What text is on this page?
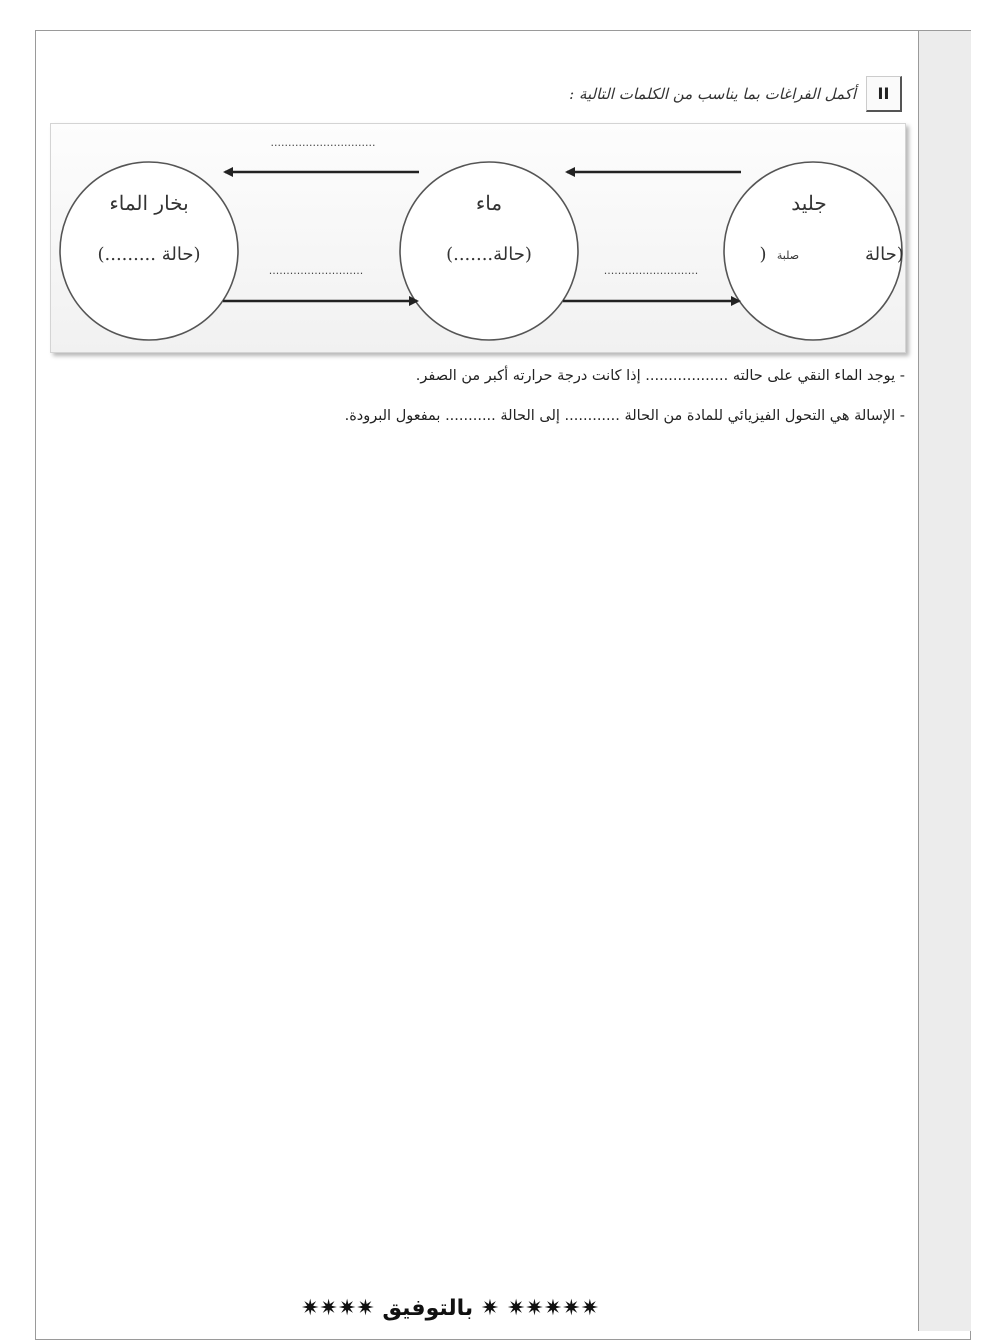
II
أكمل الفراغات بما يناسب من الكلمات التالية :
..............................
...........................	...........................
جليد
(حالة
صلبة
)
ماء
(حالة.......)
بخار الماء
(حالة .........)
- يوجد الماء النقي على حالته .................. إذا كانت درجة حرارته أكبر من الصفر.
- الإسالة هي التحول الفيزيائي للمادة من الحالة ............ إلى الحالة ........... بمفعول البرودة.
✷✷✷✷✷ ✷ بالتوفيق ✷✷✷✷
